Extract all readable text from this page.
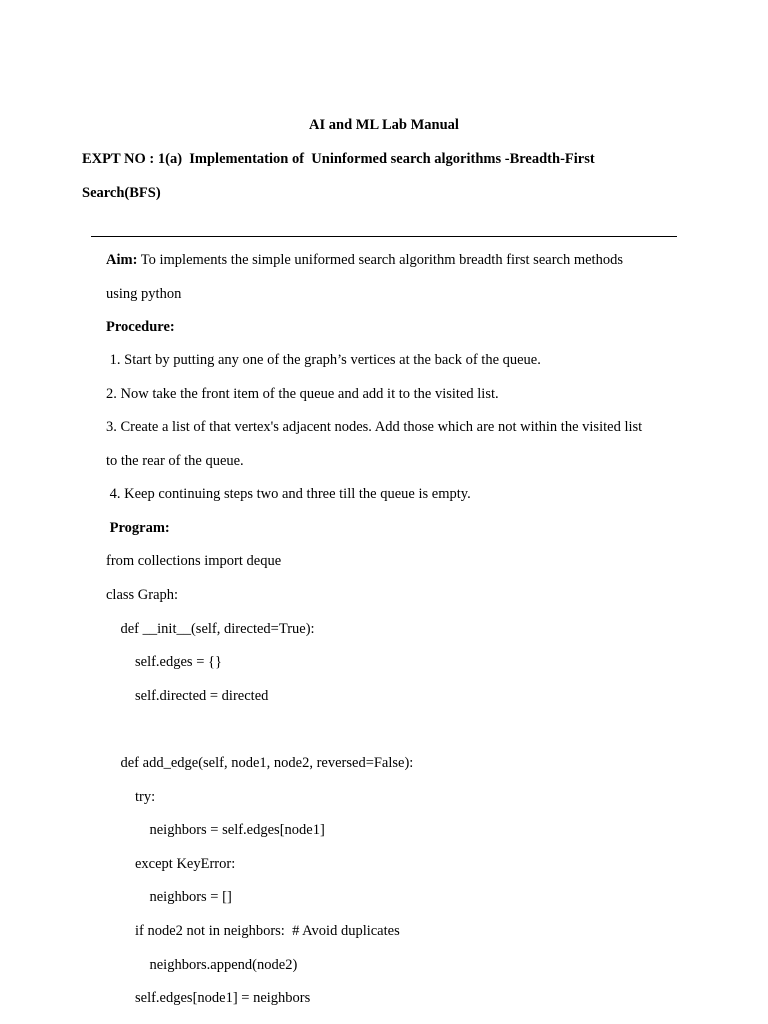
AI and ML Lab Manual
EXPT NO : 1(a)  Implementation of  Uninformed search algorithms -Breadth-First
Search(BFS)
Aim: To implements the simple uniformed search algorithm breadth first search methods
using python
Procedure:
1. Start by putting any one of the graph’s vertices at the back of the queue.
2. Now take the front item of the queue and add it to the visited list.
3. Create a list of that vertex's adjacent nodes. Add those which are not within the visited list
to the rear of the queue.
4. Keep continuing steps two and three till the queue is empty.
Program:
from collections import deque
class Graph:
def __init__(self, directed=True):
self.edges = {}
self.directed = directed
def add_edge(self, node1, node2, reversed=False):
try:
neighbors = self.edges[node1]
except KeyError:
neighbors = []
if node2 not in neighbors:  # Avoid duplicates
neighbors.append(node2)
self.edges[node1] = neighbors
